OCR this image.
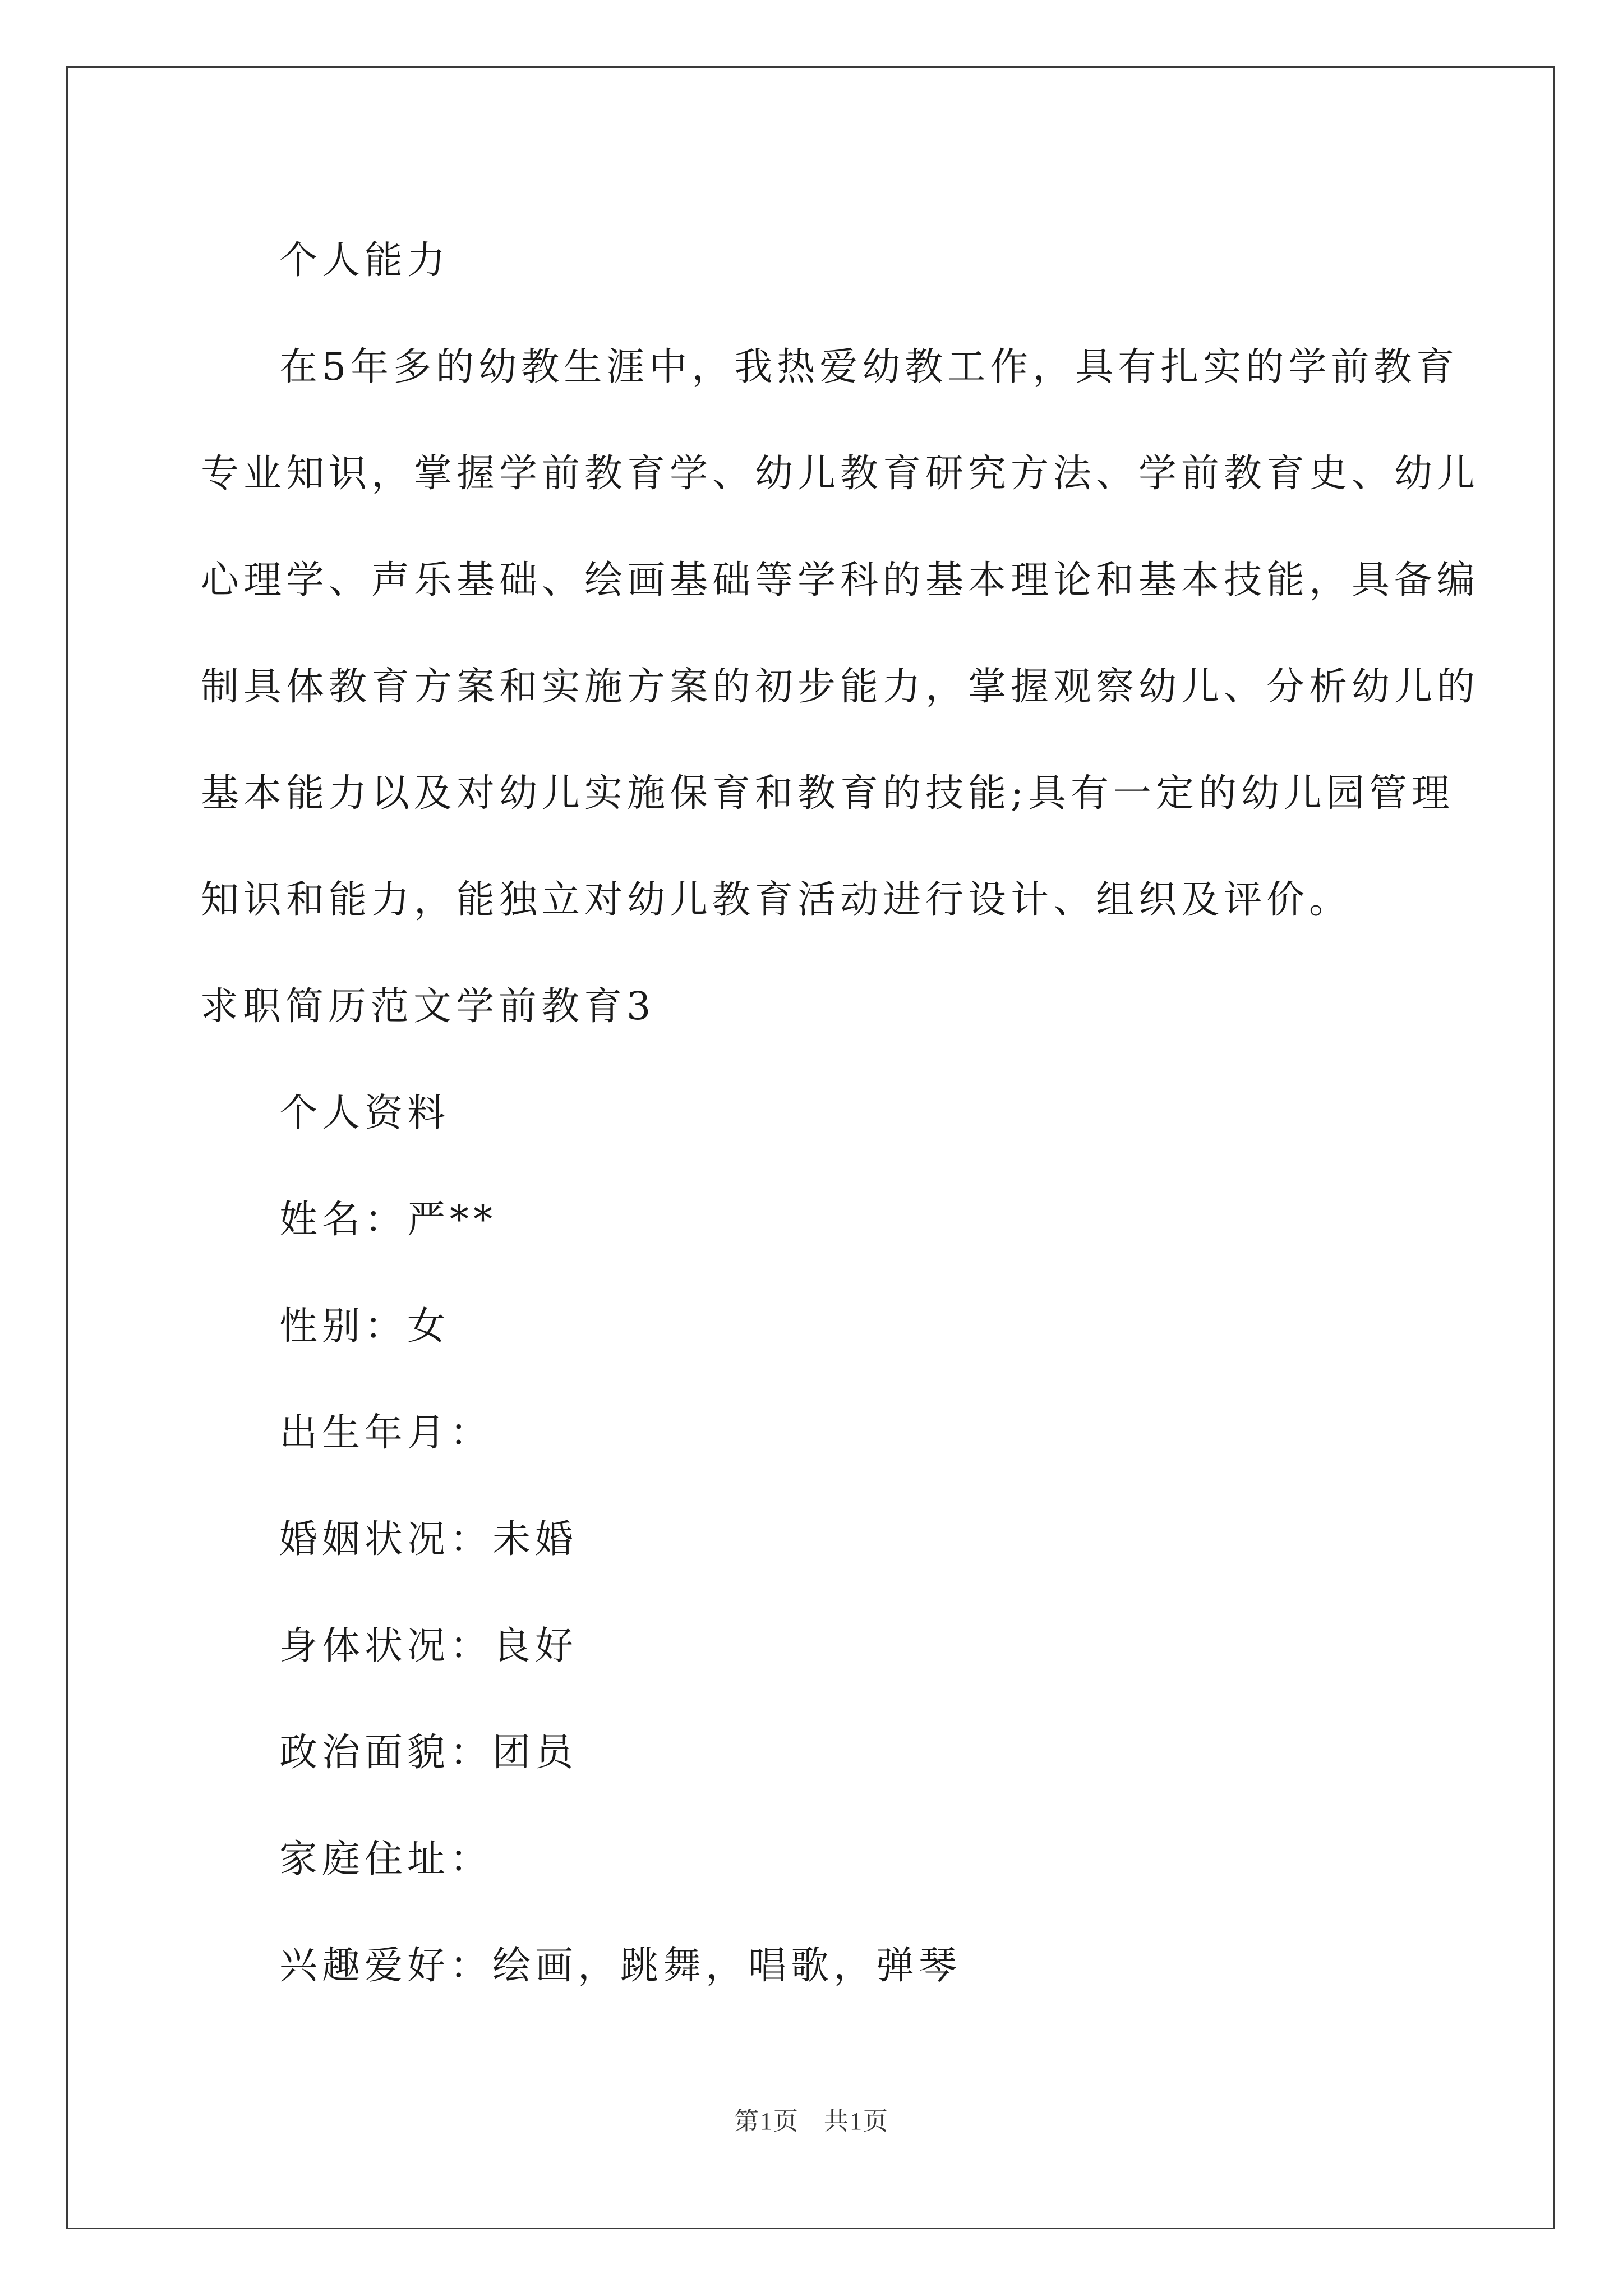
个人能力

在5年多的幼教生涯中，我热爱幼教工作，具有扎实的学前教育

专业知识，掌握学前教育学、幼儿教育研究方法、学前教育史、幼儿

心理学、声乐基础、绘画基础等学科的基本理论和基本技能，具备编

制具体教育方案和实施方案的初步能力，掌握观察幼儿、分析幼儿的

基本能力以及对幼儿实施保育和教育的技能;具有一定的幼儿园管理

知识和能力，能独立对幼儿教育活动进行设计、组织及评价。

求职简历范文学前教育3

个人资料

姓名：严**

性别：女

出生年月：

婚姻状况：未婚

身体状况：良好

政治面貌：团员

家庭住址：

兴趣爱好：绘画，跳舞，唱歌，弹琴

第1页 共1页
